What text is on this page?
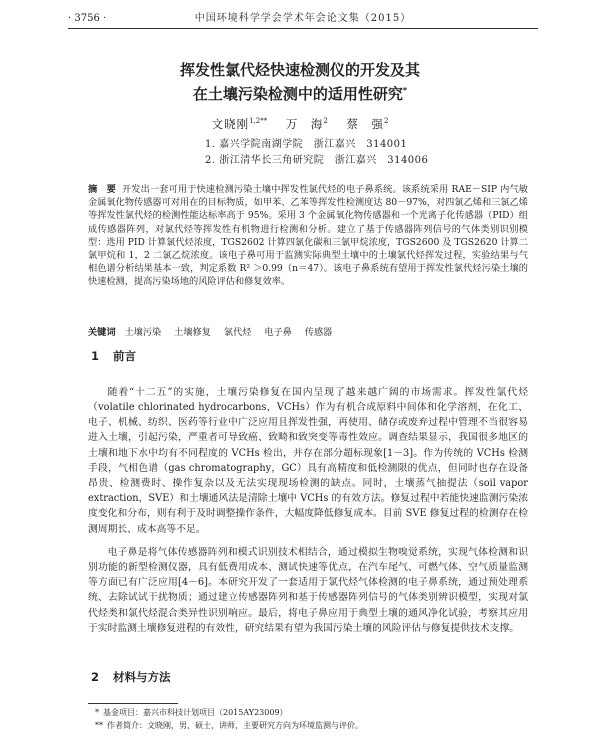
· 3756 ·	中国环境科学学会学术年会论文集（2015）
挥发性氯代烃快速检测仪的开发及其
在土壤污染检测中的适用性研究*
文晓刚$^{1,2**}$ 万　海$^2$ 蔡　强$^2$
1. 嘉兴学院南湖学院　浙江嘉兴　314001
2. 浙江清华长三角研究院　浙江嘉兴　314006
摘　要 开发出一套可用于快速检测污染土壤中挥发性氯代烃的电子鼻系统。该系统采用 RAE－SIP 内气敏金属氧化物传感器可对用在的目标物质，如甲苯、乙苯等挥发性检测度达 80－97%，对四氯乙烯和三氯乙烯等挥发性氯代烃的检测性能达标率高于 95%。采用 3 个金属氧化物传感器和一个光离子化传感器（PID）组成传感器阵列，对氯代烃等挥发性有机物进行检测和分析。建立了基于传感器阵列信号的气体类别识别模型：选用 PID 计算氯代烃浓度，TGS2602 计算四氯化碳和三氯甲烷浓度，TGS2600 及 TGS2620 计算二氯甲烷和 1，2 二氯乙烷浓度。该电子鼻可用于监测实际典型土壤中的土壤氯代烃挥发过程，实验结果与气相色谱分析结果基本一致，判定系数 R² ＞0.99（n＝47）。该电子鼻系统有望用于挥发性氯代烃污染土壤的快速检测，提高污染场地的风险评估和修复效率。
关键词 土壤污染 土壤修复 氯代烃 电子鼻 传感器
1 前言

随着“十二五”的实施，土壤污染修复在国内呈现了越来越广阔的市场需求。挥发性氯代烃（volatile chlorinated hydrocarbons，VCHs）作为有机合成原料中间体和化学溶剂，在化工、电子、机械、纺织、医药等行业中广泛应用且挥发性强，再使用、储存或废弃过程中管理不当很容易进入土壤，引起污染，严重者可导致癌、致畸和致突变等毒性效应。调查结果显示，我国很多地区的土壤和地下水中均有不同程度的 VCHs 检出，并存在部分超标现象[1－3]。作为传统的 VCHs 检测手段，气相色谱（gas chromatography，GC）具有高精度和低检测限的优点，但同时也存在设备昂贵、检测费时、操作复杂以及无法实现现场检测的缺点。同时，土壤蒸气抽提法（soil vapor extraction，SVE）和土壤通风法是清除土壤中 VCHs 的有效方法。修复过程中若能快速监测污染浓度变化和分布，则有利于及时调整操作条件，大幅度降低修复成本。目前 SVE 修复过程的检测存在检测周期长、成本高等不足。

电子鼻是将气体传感器阵列和模式识别技术相结合，通过模拟生物嗅觉系统，实现气体检测和识别功能的新型检测仪器，具有低费用成本、测试快速等优点，在汽车尾气、可燃气体、空气质量监测等方面已有广泛应用[4－6]。本研究开发了一套适用于氯代烃气体检测的电子鼻系统，通过预处理系统、去除试试干扰物质；通过建立传感器阵列和基于传感器阵列信号的气体类别辨识模型，实现对氯代烃类和氯代烃混合类异性识别响应。最后，将电子鼻应用于典型土壤的通风净化试验，考察其应用于实时监测土壤修复进程的有效性，研究结果有望为我国污染土壤的风险评估与修复提供技术支撑。

2 材料与方法
* 基金项目：嘉兴市科技计划项目（2015AY23009）
** 作者简介：文晓刚，男，硕士，讲师，主要研究方向为环境监测与评价。
